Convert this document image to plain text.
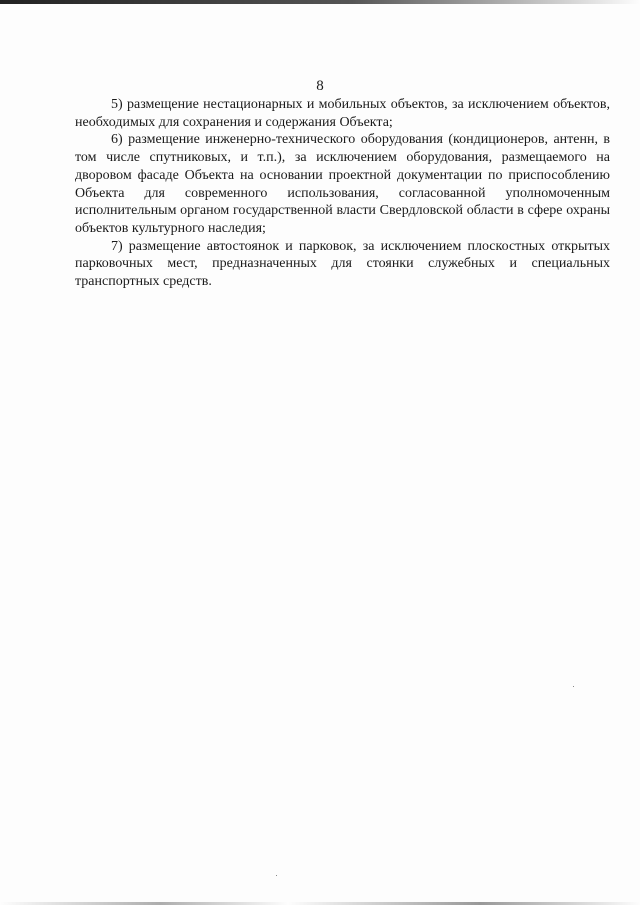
8

5) размещение нестационарных и мобильных объектов, за исключением объектов, необходимых для сохранения и содержания Объекта;

6) размещение инженерно-технического оборудования (кондиционеров, антенн, в том числе спутниковых, и т.п.), за исключением оборудования, размещаемого на дворовом фасаде Объекта на основании проектной документации по приспособлению Объекта для современного использования, согласованной уполномоченным исполнительным органом государственной власти Свердловской области в сфере охраны объектов культурного наследия;

7) размещение автостоянок и парковок, за исключением плоскостных открытых парковочных мест, предназначенных для стоянки служебных и специальных транспортных средств.
